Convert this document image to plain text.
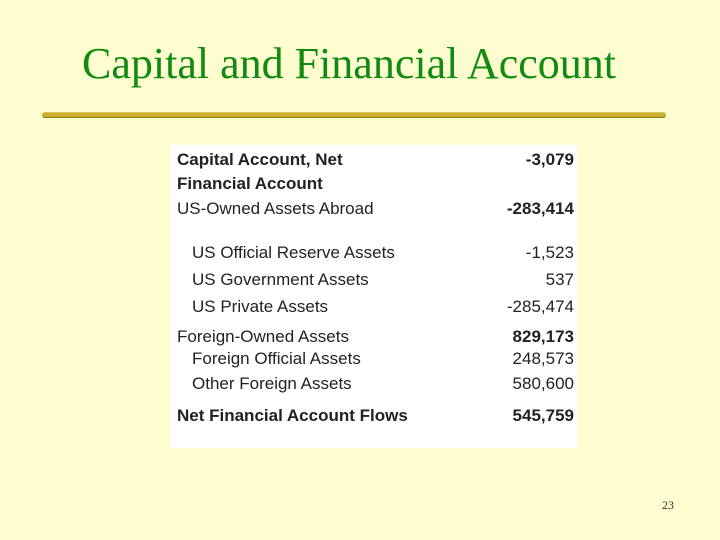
Capital and Financial Account
Capital Account, Net	-3,079
Financial Account
US-Owned Assets Abroad	-283,414
US Official Reserve Assets	-1,523
US Government Assets	537
US Private Assets	-285,474
Foreign-Owned Assets	829,173
Foreign Official Assets	248,573
Other Foreign Assets	580,600
Net Financial Account Flows	545,759
23
